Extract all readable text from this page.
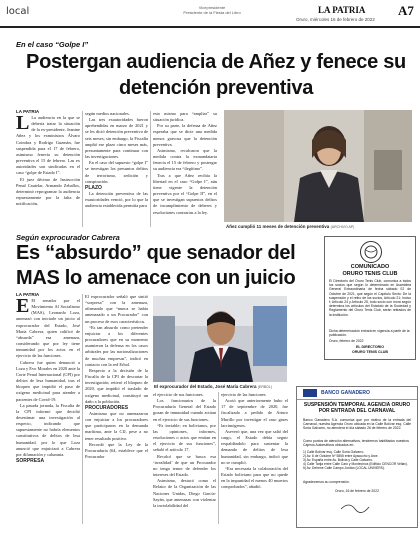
local	Vicepresidente
Presidente de la Fiesta del Libro	LA PATRIA	A7
Oruro, miércoles 16 de febrero de 2022
En el caso “Golpe I”
Postergan audiencia de Añez y fenece su detención preventiva
LA PATRIA

L La audiencia en la que se debería tratar la situación de la ex-presidente, Jeanine Añez y los exministros Álvaro Coimbra y Rodrigo Guzmán, fue suspendida para el 17 de febrero, asimismo fenecía su detención preventiva el 15 de febrero. Las ex autoridades son sindicadas en el caso “golpe de Estado I”.

El juez décimo de Instrucción Penal Cautelar, Armando Zeballos, determinó reprogramar la audiencia repuestamente por la falta de notificación,

según medios nacionales.

Las tres exautoridades fueron aprehendidas en marzo de 2021 y se les dictó detención preventiva de seis meses; sin embargo, la Fiscalía amplió ese plazo cinco meses más, presuntamente para continuar con las investigaciones.

En el caso del supuesto “golpe I” se investigan los presuntos delitos de terrorismo, sedición y conspiración.

PLAZO

La detención preventiva de las exautoridades venció, por lo que la audiencia establecida permitía para

esto mismo para “ampliar” su situación jurídica.

Por su parte, la defensa de Añez esperaba que se dicte una medida menos gravosa que la detención preventiva.

Asimismo, recalcaron que la medida contra la exmandataria fenecía el 15 de febrero y postergar su audiencia era “ilegítimo”.

Tras a que Añez recibía la libertad en el caso “Golpe I”, aún tiene vigente la detención preventiva por el “Golpe II”, en el que se investigan supuestos delitos de incumplimiento de deberes y resoluciones contrarias a la ley.

Áñez cumplió 11 meses de detención preventiva (ARCHIVO AP)
Según exprocurador Cabrera
Es “absurdo” que senador del MAS lo amenace con un juicio
LA PATRIA

E El senador por el Movimiento Al Socialismo (MAS), Leonardo Loza, amenazó con iniciarle un juicio al exprocurador del Estado, José María Cabrera, quien calificó de “absurda” esa amenaza, considerando que por ley tiene inmunidad por los actos en el ejercicio de las funciones.

Cabrera fue quien denunció a Loza y Evo Morales en 2020 ante la Corte Penal Internacional (CPI) por delitos de lesa humanidad, tras el bloqueo que impidió el paso de oxígeno medicinal para atender a pacientes de Covid-19.

La pasada jornada, la Fiscalía de la CPI informó que decidió desestimar una investigación al respecto, indicando que supuestamente no habría elementos constitutivos de delitos de lesa humanidad, por lo que Loza anunció que enjuiciará a Cabrera por difamación y calumnia.

SORPRESA

El exprocurador señaló que sintió “sorpresa” con la amenaza, afirmando que “nunca se había amenazado a un Procurador” con un proceso de esos característicos.

“Es tan absurdo como pretender enjuiciar a los diferentes procuradores que en su momento asumieron la defensa en los casos arbitrales por las nacionalizaciones de muchas empresas”, indicó en contacto con la red Erbol.

Respecto a la decisión de la Fiscalía de la CPI de descartar la investigación, reiteró el bloqueo de 2020, que impidió el traslado de oxígeno medicinal, constituyó un daño a la población.

PROCURADORES

Asimismo que no amenazaron con enjuiciar a los procuradores que participaron en la demanda marítima, ante la CIJ, pese a no tener resultado positivo.

Recordó que la Ley de la Procuraduría (64, establece que el Procurador

El exprocurador del Estado, José María Cabrera (ERBOL)

el ejercicio de sus funciones.

Los funcionarios de la Procuraduría General del Estado gozan de inmunidad cuando actúan en el ejercicio de sus funciones.

“Es inviable; en bolivianos, por las opiniones, informes, resoluciones o actos que emitan en el ejercicio de sus funciones”, señaló el artículo 17.

Recalcó que se busca esa ‘irrealidad’ de que un Procurador no tenga temor de defender los intereses del Estado.

Asimismo, destacó como el Relator de la Organización de las Naciones Unidas, Diego García-Sayán, que amenazas con violentar la inviolabilidad del

ejercicio de las funciones.

Acotó que anteriormente hubo el 17 de septiembre de 2020, fue fiscalizado a pedido de Arturo Murillo por investigar el caso gases lacrimógenos.

Aseveró que, una vez que salió del cargo, el Estado debía seguir respaldándolo para sustentar la demanda de delitos de lesa humanidad, sin embargo, indicó que no se cumplió.

“Era necesaria la colaboración del Estado boliviano para que no quede en la impunidad el menos 40 muertos comprobados”, añadió.

COMUNICADO
ORURO TENIS CLUB
El Directorio del Oruro Tenis Club, comunica a todos los socios que según lo determinado en Asamblea General Extraordinaria de fecha sábado 02 de Octubre de 2021, que según el Capítulo Sexto: De la suspensión y el retiro de los socios, Artículo 21; Inciso f; Artículo 24 y Artículo 25, todo socio con mora según determina los artículos del Estatuto de la Sociedad y Reglamento del Oruro Tenis Club, serán retirados de la institución.
Dicha determinación entrará en vigencia a partir de la publicación.
Oruro, febrero de 2022
EL DIRECTORIO
ORURO TENIS CLUB
BANCO GANADERO
SUSPENSIÓN TEMPORAL AGENCIA ORURO POR ENTRADA DEL CARNAVAL
Banco Ganadero S.A. comunica que por motivo de la entrada del Carnaval, nuestra Agencia Oruro ubicada en la Calle Bolívar esq. Calle Soria Galvarro, no atenderá el día sábado 26 de febrero de 2022.
Como puntos de atención alternativos, tendremos habilitados nuestros Cajeros Automáticos ubicados en:
1) Calle Bolívar esq. Calle Soria Galvarro.
2) Av. 6 de Octubre Nº 5855 entre Ayacucho y Arce.
3) Av. España entre Av. Bolivia y Calle Galvarro.
4) Calle Tarija entre Calle Caro y Montecinos (Edificio CENCOR Vellav).
5) Av. Dehene Calle Campo Jordán (LOCAL UNIVERS).
Agradecemos su comprensión.
Oruro, 16 de febrero de 2022
